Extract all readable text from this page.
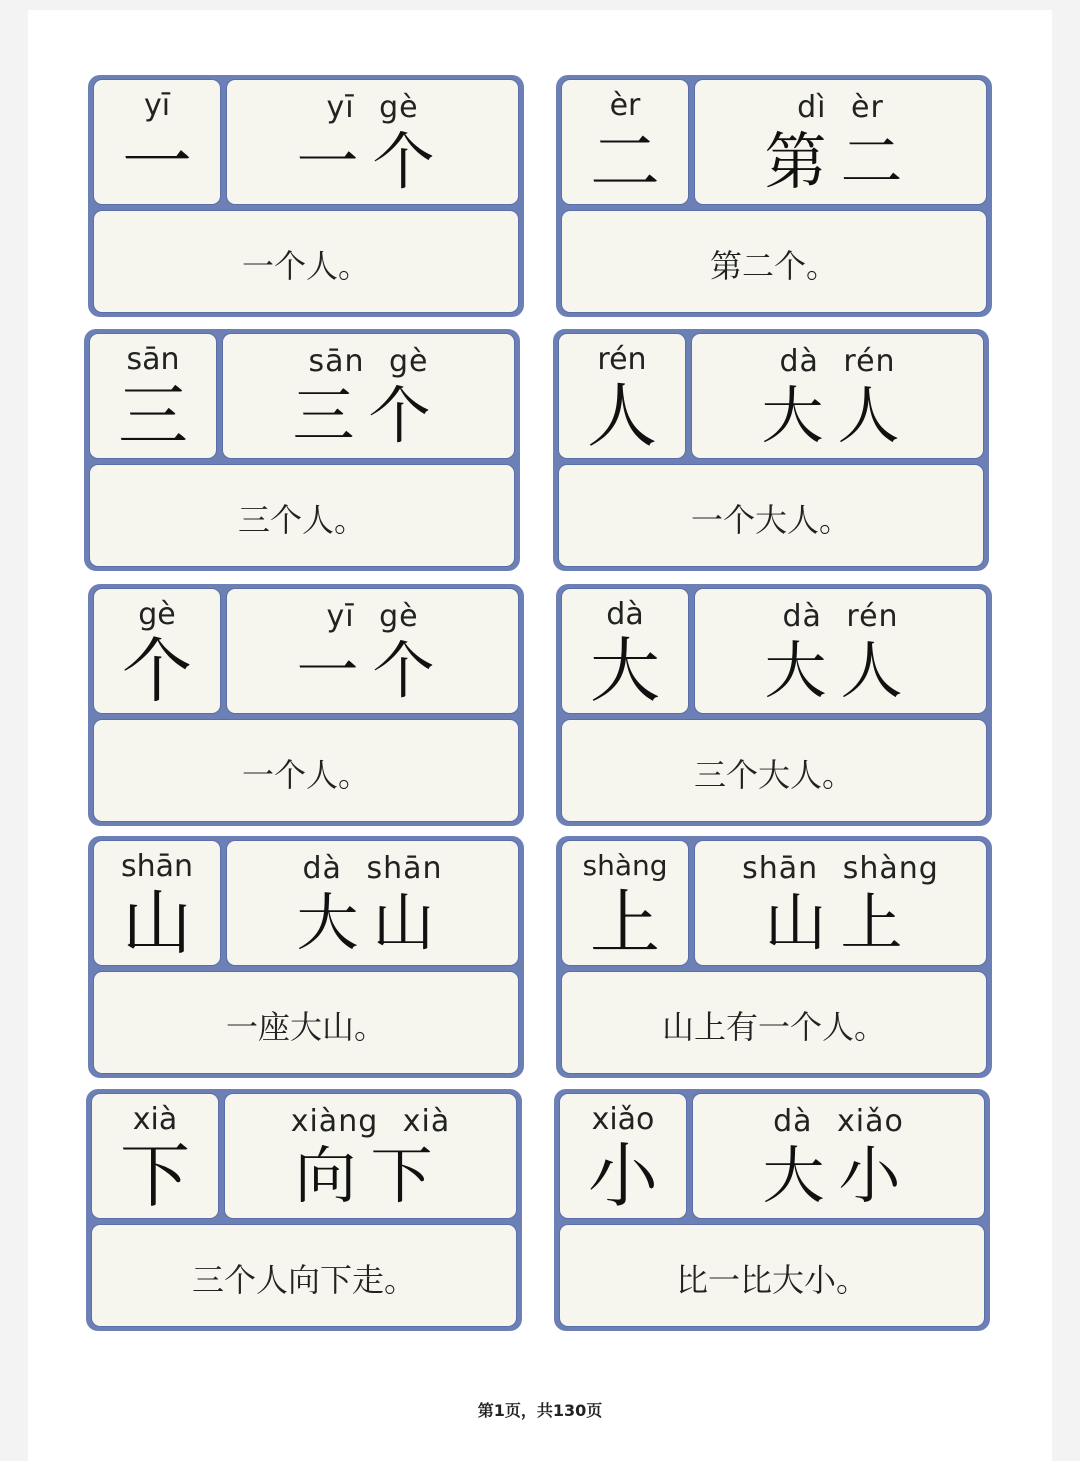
yī
一
yī gè
一个
一个人。
èr
二
dì èr
第二
第二个。
sān
三
sān gè
三个
三个人。
rén
人
dà rén
大人
一个大人。
gè
个
yī gè
一个
一个人。
dà
大
dà rén
大人
三个大人。
shān
山
dà shān
大山
一座大山。
shàng
上
shān shàng
山上
山上有一个人。
xià
下
xiàng xià
向下
三个人向下走。
xiǎo
小
dà xiǎo
大小
比一比大小。
第1页，共130页
